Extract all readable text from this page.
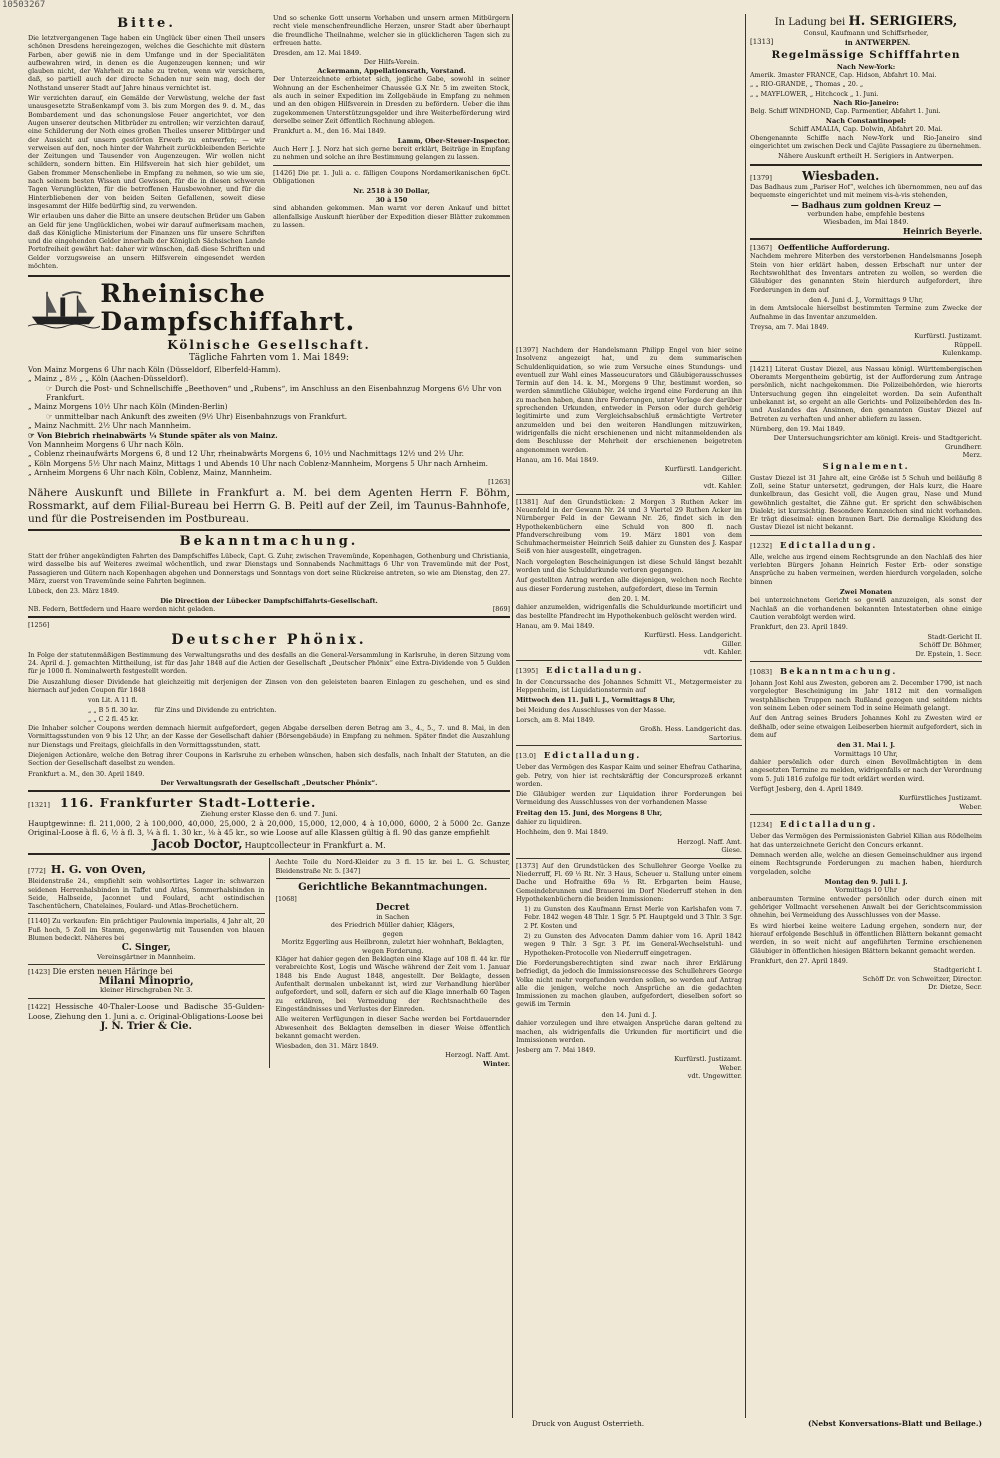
10503267
Bitte.

Die letztvergangenen Tage haben ein Unglück über einen Theil unsers schönen Dresdens hereingezogen, welches die Geschichte mit düstern Farben, aber gewiß nie in dem Umfange und in der Specialitäten aufbewahren wird, in denen es die Augenzeugen kennen; und wir glauben nicht, der Wahrheit zu nahe zu treten, wenn wir versichern, daß, so partiell auch der directe Schaden nur sein mag, doch der Nothstand unserer Stadt auf Jahre hinaus vernichtet ist.

Wir verzichten darauf, ein Gemälde der Verwüstung, welche der fast unausgesetzte Straßenkampf vom 3. bis zum Morgen des 9. d. M., das Bombardement und das schonungslose Feuer angerichtet, vor den Augen unserer deutschen Mitbrüder zu entrollen; wir verzichten darauf, eine Schilderung der Noth eines großen Theiles unserer Mitbürger und der Aussicht auf unsern gestörten Erwerb zu entwerfen; — wir verweisen auf den, noch hinter der Wahrheit zurückbleibenden Berichte der Zeitungen und Tausender von Augenzeugen. Wir wollen nicht schildern, sondern bitten. Ein Hilfsverein hat sich hier gebildet, um Gaben frommer Menschenliebe in Empfang zu nehmen, so wie um sie, nach seinem besten Wissen und Gewissen, für die in diesen schweren Tagen Verunglückten, für die betroffenen Hausbewohner, und für die Hinterbliebenen der von beiden Seiten Gefallenen, soweit diese insgesammt der Hilfe bedürftig sind, zu verwenden.

Wir erlauben uns daher die Bitte an unsere deutschen Brüder um Gaben an Geld für jene Unglücklichen, wobei wir darauf aufmerksam machen, daß das Königliche Ministerium der Finanzen uns für unsere Schriften und die eingehenden Gelder innerhalb der Königlich Sächsischen Lande Portofreiheit gewährt hat: daher wir wünschen, daß diese Schriften und Gelder vorzugsweise an unsern Hilfsverein eingesendet werden möchten.

Und so schenke Gott unserm Vorhaben und unsern armen Mitbürgern recht viele menschenfreundliche Herzen, unsrer Stadt aber überhaupt die freundliche Theilnahme, welcher sie in glücklicheren Tagen sich zu erfreuen hatte.

Dresden, am 12. Mai 1849.

Der Hilfs-Verein.

Ackermann, Appellationsrath, Vorstand.

Der Unterzeichnete erbietet sich, jegliche Gabe, sowohl in seiner Wohnung an der Eschenheimer Chaussée G.X Nr. 5 im zweiten Stock, als auch in seiner Expedition im Zollgebäude in Empfang zu nehmen und an den obigen Hilfsverein in Dresden zu befördern. Ueber die ihm zugekommenen Unterstützungsgelder und ihre Weiterbeförderung wird derselbe seiner Zeit öffentlich Rechnung ablegen.

Frankfurt a. M., den 16. Mai 1849.

Lamm, Ober-Steuer-Inspector.

Auch Herr J. J. Norz hat sich gerne bereit erklärt, Beiträge in Empfang zu nehmen und solche an ihre Bestimmung gelangen zu lassen.

[1426] Die pr. 1. Juli a. c. fälligen Coupons Nordamerikanischen 6pCt. Obligationen

Nr. 2518 à 30 Dollar,

30 à 150

sind abhanden gekommen. Man warnt vor deren Ankauf und bittet allenfallsige Auskunft hierüber der Expedition dieser Blätter zukommen zu lassen.

Rheinische Dampfschiffahrt.
Kölnische Gesellschaft.
Tägliche Fahrten vom 1. Mai 1849:
Von Mainz Morgens 6 Uhr nach Köln (Düsseldorf, Elberfeld-Hamm).
„ Mainz „ 8½ „ „ Köln (Aachen-Düsseldorf).
☞ Durch die Post- und Schnellschiffe „Beethoven“ und „Rubens“, im Anschluss an den Eisenbahnzug Morgens 6½ Uhr von Frankfurt.
„ Mainz Morgens 10½ Uhr nach Köln (Minden-Berlin)
☞ unmittelbar nach Ankunft des zweiten (9½ Uhr) Eisenbahnzugs von Frankfurt.
„ Mainz Nachmitt. 2½ Uhr nach Mannheim.
☞ Von Biebrich rheinabwärts ¼ Stunde später als von Mainz.
Von Mannheim Morgens 6 Uhr nach Köln.
„ Coblenz rheinaufwärts Morgens 6, 8 und 12 Uhr, rheinabwärts Morgens 6, 10½ und Nachmittags 12½ und 2½ Uhr.
„ Köln Morgens 5½ Uhr nach Mainz, Mittags 1 und Abends 10 Uhr nach Coblenz-Mannheim, Morgens 5 Uhr nach Arnheim.
„ Arnheim Morgens 6 Uhr nach Köln, Coblenz, Mainz, Mannheim.
[1263]

Nähere Auskunft und Billete in Frankfurt a. M. bei dem Agenten Herrn F. Böhm, Rossmarkt, auf dem Filial-Bureau bei Herrn G. B. Peitl auf der Zeil, im Taunus-Bahnhofe, und für die Postreisenden im Postbureau.

Bekanntmachung.

Statt der früher angekündigten Fahrten des Dampfschiffes Lübeck, Capt. G. Zuhr, zwischen Travemünde, Kopenhagen, Gothenburg und Christiania, wird dasselbe bis auf Weiteres zweimal wöchentlich, und zwar Dienstags und Sonnabends Nachmittags 6 Uhr von Travemünde mit der Post, Passagieren und Gütern nach Kopenhagen abgehen und Donnerstags und Sonntags von dort seine Rückreise antreten, so wie am Dienstag, den 27. März, zuerst von Travemünde seine Fahrten beginnen.

Lübeck, den 23. März 1849.

Die Direction der Lübecker Dampfschiffahrts-Gesellschaft.

NB. Federn, Bettfedern und Haare werden nicht geladen.	[869]

[1256]
Deutscher Phönix.

In Folge der statutenmäßigen Bestimmung des Verwaltungsraths und des desfalls an die General-Versammlung in Karlsruhe, in deren Sitzung vom 24. April d. J. gemachten Mittheilung, ist für das Jahr 1848 auf die Actien der Gesellschaft „Deutscher Phönix“ eine Extra-Dividende von 5 Gulden für je 1000 fl. Nominalwerth festgestellt worden.

Die Auszahlung dieser Dividende hat gleichzeitig mit derjenigen der Zinsen von den geleisteten baaren Einlagen zu geschehen, und es sind hiernach auf jeden Coupon für 1848

von Lit. A 11 fl.
„ „ B 5 fl. 30 kr.
„ „ C 2 fl. 45 kr.
für Zins und Dividende zu entrichten.

Die Inhaber solcher Coupons werden demnach hiermit aufgefordert, gegen Abgabe derselben deren Betrag am 3., 4., 5., 7. und 8. Mai, in den Vormittagsstunden von 9 bis 12 Uhr, an der Kasse der Gesellschaft dahier (Börsengebäude) in Empfang zu nehmen. Später findet die Auszahlung nur Dienstags und Freitags, gleichfalls in den Vormittagsstunden, statt.

Diejenigen Actionäre, welche den Betrag ihrer Coupons in Karlsruhe zu erheben wünschen, haben sich desfalls, nach Inhalt der Statuten, an die Section der Gesellschaft daselbst zu wenden.

Frankfurt a. M., den 30. April 1849.

Der Verwaltungsrath der Gesellschaft „Deutscher Phönix“.

[1321] 116. Frankfurter Stadt-Lotterie.
Ziehung erster Klasse den 6. und 7. Juni.

Hauptgewinne: fl. 211,000, 2 à 100,000, 40,000, 25,000, 2 à 20,000, 15,000, 12,000, 4 à 10,000, 6000, 2 à 5000 2c. Ganze Original-Loose à fl. 6, ½ à fl. 3, ¼ à fl. 1. 30 kr., ⅛ à 45 kr., so wie Loose auf alle Klassen gültig à fl. 90 das ganze empfiehlt

Jacob Doctor, Hauptcollecteur in Frankfurt a. M.
[772] H. G. von Oven,

Bleidenstraße 24., empfiehlt sein wohlsortirtes Lager in: schwarzen seidenen Herrenhalsbinden in Taffet und Atlas, Sommerhalsbinden in Seide, Halbseide, Jaconnet und Foulard, acht ostindischen Taschentüchern, Chatelaines, Foulard- und Atlas-Brochetüchern.

[1140] Zu verkaufen: Ein prächtiger Paulownia imperialis, 4 Jahr alt, 20 Fuß hoch, 5 Zoll im Stamm, gegenwärtig mit Tausenden von blauen Blumen bedeckt. Näheres bei

C. Singer,

Vereinsgärtner in Mannheim.

[1423] Die ersten neuen Häringe bei

Milani Minoprio,

kleiner Hirschgraben Nr. 3.

[1422] Hessische 40-Thaler-Loose und Badische 35-Gulden-Loose, Ziehung den 1. Juni a. c. Original-Obligations-Loose bei

J. N. Trier & Cie.

Aechte Toile du Nord-Kleider zu 3 fl. 15 kr. bei L. G. Schuster, Bleidenstraße Nr. 5. [347]

Gerichtliche Bekanntmachungen.
[1068]
Decret
in Sachen
des Friedrich Müller dahier, Klägers,
gegen
Moritz Eggerling aus Heilbronn, zuletzt hier wohnhaft, Beklagten,
wegen Forderung.

Kläger hat dahier gegen den Beklagten eine Klage auf 108 fl. 44 kr. für verabreichte Kost, Logis und Wäsche während der Zeit vom 1. Januar 1848 bis Ende August 1848, angestellt. Der Beklagte, dessen Aufenthalt dermalen unbekannt ist, wird zur Verhandlung hierüber aufgefordert, und soll, dafern er sich auf die Klage innerhalb 60 Tagen zu erklären, bei Vermeidung der Rechtsnachtheile des Eingeständnisses und Verlustes der Einreden.

Alle weiteren Verfügungen in dieser Sache werden bei Fortdauernder Abwesenheit des Beklagten demselben in dieser Weise öffentlich bekannt gemacht werden.

Wiesbaden, den 31. März 1849.

Herzogl. Naff. Amt.

Winter.

[1397] Nachdem der Handelsmann Philipp Engel von hier seine Insolvenz angezeigt hat, und zu dem summarischen Schuldenliquidation, so wie zum Versuche eines Stundungs- und eventuell zur Wahl eines Masseucurators und Gläubigerausschusses Termin auf den 14. k. M., Morgens 9 Uhr, bestimmt worden, so werden sämmtliche Gläubiger, welche irgend eine Forderung an ihn zu machen haben, dann ihre Forderungen, unter Vorlage der darüber sprechenden Urkunden, entweder in Person oder durch gehörig legitimirte und zum Vergleichsabschluß ermächtigte Vertreter anzumelden und bei den weiteren Handlungen mitzuwirken, widrigenfalls die nicht erschienenen und nicht mitanmeldenden als dem Beschlusse der Mehrheit der erschienenen beigetreten angenommen werden.

Hanau, am 16. Mai 1849.

Kurfürstl. Landgericht.

Giller.

vdt. Kahler.

[1381] Auf den Grundstücken: 2 Morgen 3 Ruthen Acker im Neuenfeld in der Gewann Nr. 24 und 3 Viertel 29 Ruthen Acker im Nürnberger Feld in der Gewann Nr. 26, findet sich in den Hypothekenbüchern eine Schuld von 800 fl. nach Pfandverschreibung vom 19. März 1801 von dem Schuhmachermeister Heinrich Seiß dahier zu Gunsten des J. Kaspar Seiß von hier ausgestellt, eingetragen.

Nach vorgelegten Bescheinigungen ist diese Schuld längst bezahlt worden und die Schuldurkunde verloren gegangen.

Auf gestellten Antrag werden alle diejenigen, welchen noch Rechte aus dieser Forderung zustehen, aufgefordert, diese im Termin

den 20. l. M.

dahier anzumelden, widrigenfalls die Schuldurkunde mortificirt und das bestellte Pfandrecht im Hypothekenbuch gelöscht werden wird.

Hanau, am 9. Mai 1849.

Kurfürstl. Hess. Landgericht.

Giller.

vdt. Kahler.

[1395] Edictalladung.

In der Concurssache des Johannes Schmitt VI., Metzgermeister zu Heppenheim, ist Liquidationstermin auf

Mittwoch den 11. Juli l. J., Vormittags 8 Uhr,

bei Meidung des Ausschlusses von der Masse.

Lorsch, am 8. Mai 1849.

Großh. Hess. Landgericht das.

Sartorius.

[13.0] Edictalladung.

Ueber das Vermögen des Kaspar Kaim und seiner Ehefrau Catharina, geb. Petry, von hier ist rechtskräftig der Concursprozeß erkannt worden.

Die Gläubiger werden zur Liquidation ihrer Forderungen bei Vermeidung des Ausschlusses von der vorhandenen Masse

Freitag den 15. Juni, des Morgens 8 Uhr,

dahier zu liquidiren.

Hochheim, den 9. Mai 1849.

Herzogl. Naff. Amt.

Giese.

[1373] Auf den Grundstücken des Schullehrer George Voelke zu Niederruff, Fl. 69 ⅓ Rt. Nr. 3 Haus, Scheuer u. Stallung unter einem Dache und Hofraithe 69a ⅓ Rt. Erbgarten beim Hause, Gemeindebrunnen und Brauerei im Dorf Niederruff stehen in den Hypothekenbüchern die beiden Immissionen:

1) zu Gunsten des Kaufmann Ernst Merle von Karlshafen vom 7. Febr. 1842 wegen 48 Thlr. 1 Sgr. 5 Pf. Hauptgeld und 3 Thlr. 3 Sgr. 2 Pf. Kosten und

2) zu Gunsten des Advocaten Damm dahier vom 16. April 1842 wegen 9 Thlr. 3 Sgr. 3 Pf. im General-Wechselstuhl- und Hypotheken-Protocolle von Niederruff eingetragen.

Die Forderungsberechtigten sind zwar nach ihrer Erklärung befriedigt, da jedoch die Immissionsrecesse des Schullehrers George Volke nicht mehr vorgefunden werden sollen, so werden auf Antrag alle die jenigen, welche noch Ansprüche an die gedachten Immissionen zu machen glauben, aufgefordert, dieselben sofort so gewiß im Termin

den 14. Juni d. J.

dahier vorzulegen und ihre etwaigen Ansprüche daran geltend zu machen, als widrigenfalls die Urkunden für mortificirt und die Immissionen werden.

Jesberg am 7. Mai 1849.

Kurfürstl. Justizamt.

Weber.

vdt. Ungewitter.

Druck von August Osterrieth.
In Ladung bei H. SERIGIERS,
Consul, Kaufmann und Schiffsrheder,
[1313]	in ANTWERPEN.
Regelmässige Schifffahrten
Nach New-York:
Amerik. 3master FRANCE, Cap. Hidson, Abfahrt 10. Mai.
„ „ RIO-GRANDE, „ Thomas „ 20. „
„ „ MAYFLOWER, „ Hitchcock „ 1. Juni.
Nach Rio-Janeiro:
Belg. Schiff WINDHOND, Cap. Parmentier, Abfahrt 1. Juni.
Nach Constantinopel:
Schiff AMALIA, Cap. Dolwin, Abfahrt 20. Mai.

Obengenannte Schiffe nach New-York und Rio-Janeiro sind eingerichtet um zwischen Deck und Cajüte Passagiere zu übernehmen.

Nähere Auskunft ertheilt H. Serigiers in Antwerpen.

[1379]	Wiesbaden.

Das Badhaus zum „Pariser Hof“, welches ich übernommen, neu auf das bequemste eingerichtet und mit meinem vis-à-vis stehenden,

— Badhaus zum goldnen Kreuz —

verbunden habe, empfehle bestens

Wiesbaden, im Mai 1849.

Heinrich Beyerle.

[1367] Oeffentliche Aufforderung.

Nachdem mehrere Miterben des verstorbenen Handelsmanns Joseph Stein von hier erklärt haben, dessen Erbschaft nur unter der Rechtswohlthat des Inventars antreten zu wollen, so werden die Gläubiger des genannten Stein hierdurch aufgefordert, ihre Forderungen in dem auf

den 4. Juni d. J., Vormittags 9 Uhr,

in dem Amtslocale hierselbst bestimmten Termine zum Zwecke der Aufnahme in das Inventar anzumelden.

Treysa, am 7. Mai 1849.

Kurfürstl. Justizamt.

Rüppell.

Kulenkamp.

[1421] Literat Gustav Diezel, aus Nassau königl. Württembergischen Oberamts Mergentheim gebürtig, ist der Aufforderung zum Antrage persönlich, nicht nachgekommen. Die Polizeibehörden, wie hierorts Untersuchung gegen ihn eingeleitet worden. Da sein Aufenthalt unbekannt ist, so ergeht an alle Gerichts- und Polizeibehörden des In- und Auslandes das Ansinnen, den genannten Gustav Diezel auf Betreten zu verhaften und anher abliefern zu lassen.

Nürnberg, den 19. Mai 1849.

Der Untersuchungsrichter am königl. Kreis- und Stadtgericht.

Grundherr.

Merz.

Signalement.

Gustav Diezel ist 31 Jahre alt, eine Größe ist 5 Schuh und beiläufig 8 Zoll, seine Statur untersetzt, gedrungen, der Hals kurz, die Haare dunkelbraun, das Gesicht voll, die Augen grau, Nase und Mund gewöhnlich gestaltet, die Zähne gut. Er spricht den schwäbischen Dialekt; ist kurzsichtig. Besondere Kennzeichen sind nicht vorhanden. Er trägt dieseimal: einen braunen Bart. Die dermalige Kleidung des Gustav Diezel ist nicht bekannt.

[1232] Edictalladung.

Alle, welche aus irgend einem Rechtsgrunde an den Nachlaß des hier verlebten Bürgers Johann Heinrich Fester Erb- oder sonstige Ansprüche zu haben vermeinen, werden hierdurch vorgeladen, solche binnen

Zwei Monaten

bei unterzeichnetem Gericht so gewiß anzuzeigen, als sonst der Nachlaß an die vorhandenen bekannten Intestaterben ohne einige Caution verabfolgt werden wird.

Frankfurt, den 23. April 1849.

Stadt-Gericht II.

Schöff Dr. Böhmer,

Dr. Epstein, 1. Secr.

[1083] Bekanntmachung.

Johann Jost Kohl aus Zwesten, geboren am 2. December 1790, ist nach vorgelegter Bescheinigung im Jahr 1812 mit den vormaligen westphälischen Truppen nach Rußland gezogen und seitdem nichts von seinem Leben oder seinem Tod in seine Heimath gelangt.

Auf den Antrag seines Bruders Johannes Kohl zu Zwesten wird er deßhalb, oder seine etwaigen Leibeserben hiermit aufgefordert, sich in dem auf

den 31. Mai l. J.

Vormittags 10 Uhr,

dahier persönlich oder durch einen Bevollmächtigten in dem angesetzten Termine zu melden, widrigenfalls er nach der Verordnung vom 5. Juli 1816 zufolge für todt erklärt werden wird.

Verfügt Jesberg, den 4. April 1849.

Kurfürstliches Justizamt.

Weber.

[1234] Edictalladung.

Ueber das Vermögen des Permissionisten Gabriel Kilian aus Rödelheim hat das unterzeichnete Gericht den Concurs erkannt.

Demnach werden alle, welche an diesen Gemeinschuldner aus irgend einem Rechtsgrunde Forderungen zu machen haben, hierdurch vorgeladen, solche

Montag den 9. Juli l. J.

Vormittags 10 Uhr

anberaumten Termine entweder persönlich oder durch einen mit gehöriger Vollmacht versehenen Anwalt bei der Gerichtscommission ohnehin, bei Vermeidung des Ausschlusses von der Masse.

Es wird hierbei keine weitere Ladung ergehen, sondern nur, der hierauf erfolgende Beschluß in öffentlichen Blättern bekannt gemacht werden, in so weit nicht auf angeführten Termine erschienenen Gläubiger in öffentlichen hiesigen Blättern bekannt gemacht werden.

Frankfurt, den 27. April 1849.

Stadtgericht I.

Schöff Dr. von Schweitzer, Director.

Dr. Dietze, Secr.

(Nebst Konversations-Blatt und Beilage.)
